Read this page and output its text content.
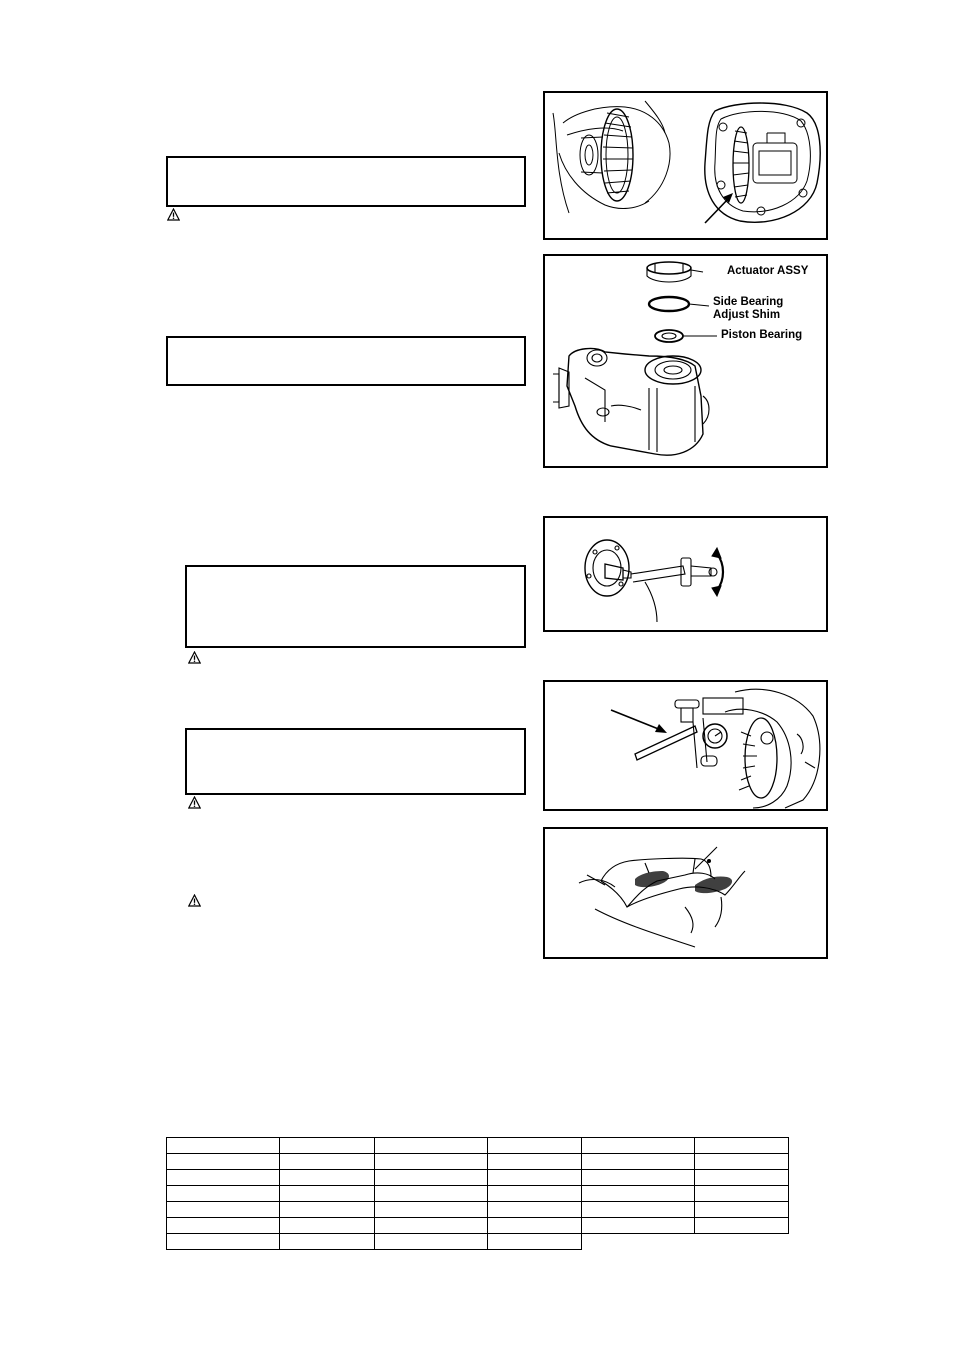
Actuator ASSY
Side Bearing
Adjust Shim
Piston Bearing
